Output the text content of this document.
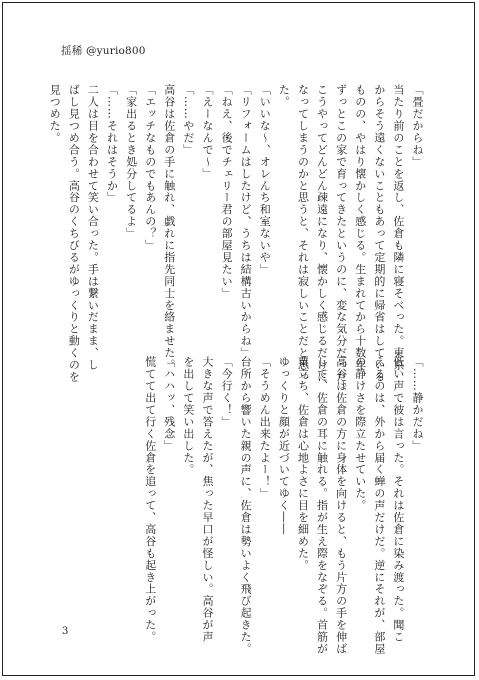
揺稀 @yurio800
「畳だからね」
当たり前のことを返し、佐倉も隣に寝そべった。東京
からそう遠くないこともあって定期的に帰省はしている
ものの、やはり懐かしく感じる。生まれてから十数年
ずっとこの家で育ってきたというのに、変な気分だった。
こうやってどんどん疎遠になり、懐かしく感じるだけに
なってしまうのかと思うと、それは寂しいことだと思っ
た。
「いいな～、オレんち和室ないや」
「リフォームはしたけど、うちは結構古いからね」
「ねえ、後でチェリー君の部屋見たい」
「えーなんで～」
「……やだ」
高谷は佐倉の手に触れ、戯れに指先同士を絡ませた。
「エッチなものでもあんの？」
「家出るとき処分してるよ」
「……それはそうか」
二人は目を合わせて笑い合った。手は繋いだまま、し
ばし見つめ合う。高谷のくちびるがゆっくりと動くのを
見つめた。
「……静かだね」
低い声で彼は言った。それは佐倉に染み渡った。聞こ
えるのは、外から届く蝉の声だけだ。逆にそれが、部屋
の静けさを際立たせていた。
高谷は佐倉の方に身体を向けると、もう片方の手を伸ば
して、佐倉の耳に触れる。指が生え際をなぞる。首筋が
粟立ち、佐倉は心地よさに目を細めた。
ゆっくりと顔が近づいてゆく――
「そうめん出来たよー！」
台所から響いた親の声に、佐倉は勢いよく飛び起きた。
「今行く！」
大きな声で答えたが、焦った早口が怪しい。高谷が声
を出して笑い出した。
「ハハッ、残念」
慌てて出て行く佐倉を追って、高谷も起き上がった。
3
